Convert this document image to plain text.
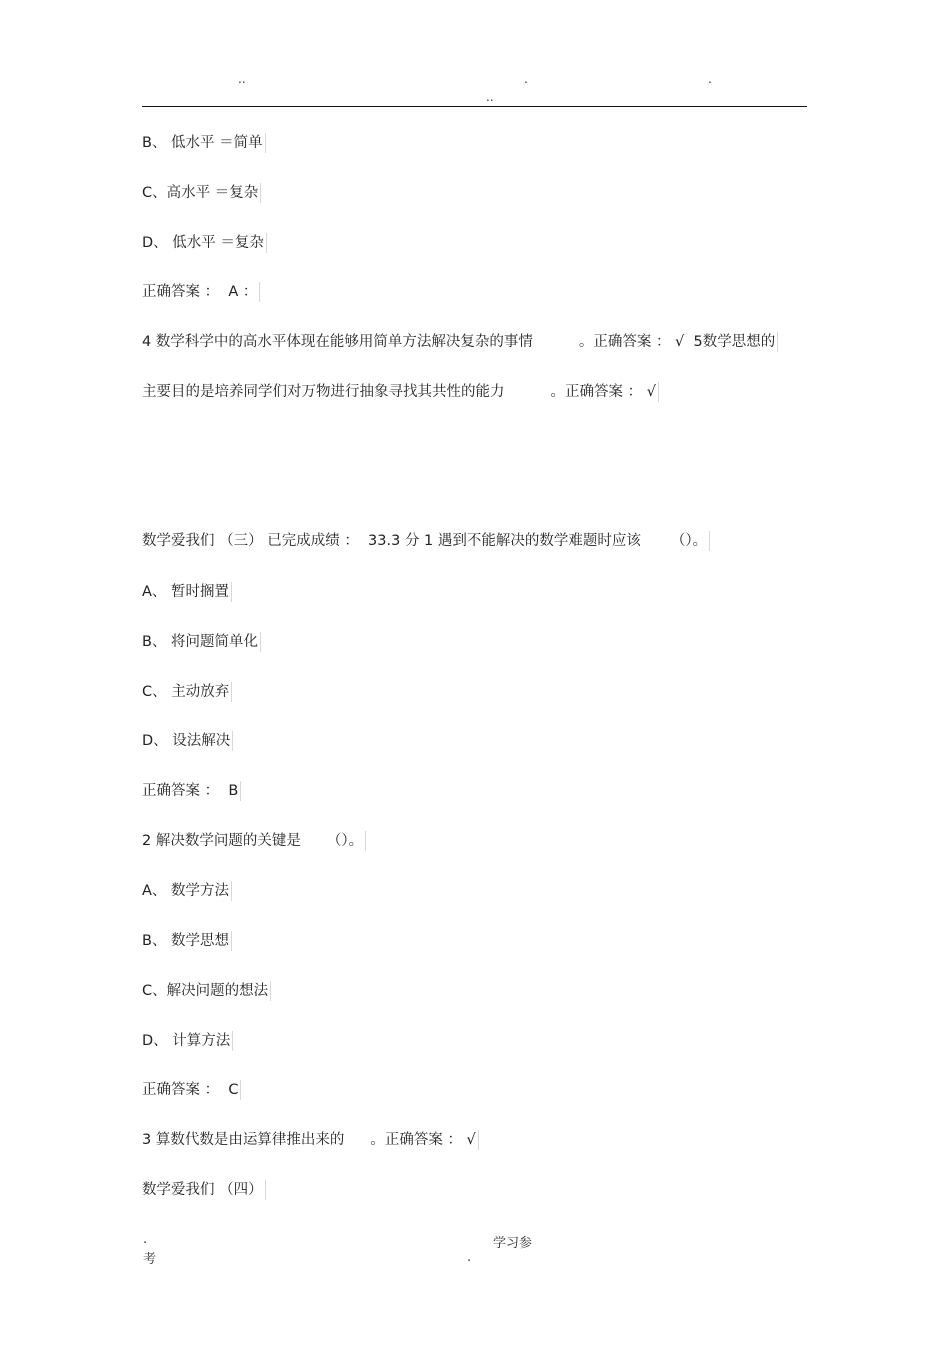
..	.	.
..
B、 低水平 ＝简单
C、高水平 ＝复杂
D、 低水平 ＝复杂
正确答案 ：  A ：
4 数学科学中的高水平体现在能够用简单方法解决复杂的事情	。正确答案 ： √  5数学思想的
主要目的是培养同学们对万物进行抽象寻找其共性的能力	。正确答案 ： √
数学爱我们 （三） 已完成成绩 ：  33.3 分 1 遇到不能解决的数学难题时应该 （）。
A、 暂时搁置
B、 将问题简单化
C、 主动放弃
D、 设法解决
正确答案 ：  B
2 解决数学问题的关键是 （）。
A、 数学方法
B、 数学思想
C、解决问题的想法
D、 计算方法
正确答案 ：  C
3 算数代数是由运算律推出来的 。正确答案 ： √
数学爱我们 （四）
.
考
学习参
.
